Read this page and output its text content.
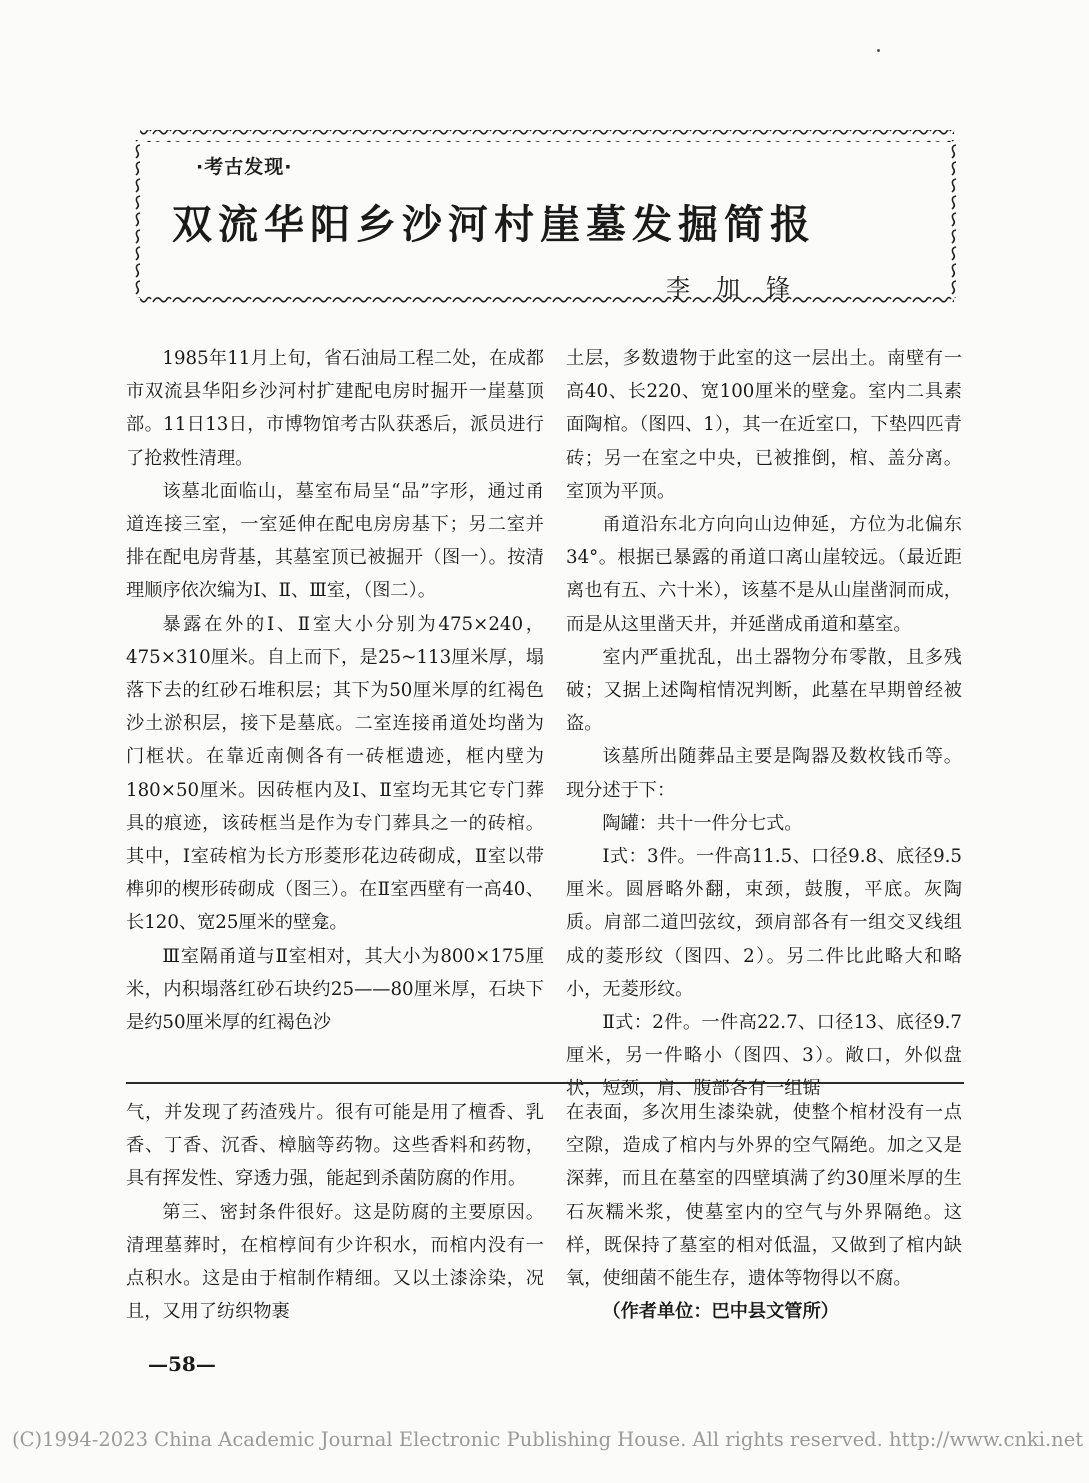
·考古发现·
双流华阳乡沙河村崖墓发掘简报
李加锋

1985年11月上旬，省石油局工程二处，在成都市双流县华阳乡沙河村扩建配电房时掘开一崖墓顶部。11日13日，市博物馆考古队获悉后，派员进行了抢救性清理。

该墓北面临山，墓室布局呈“品”字形，通过甬道连接三室，一室延伸在配电房房基下；另二室并排在配电房背基，其墓室顶已被掘开（图一）。按清理顺序依次编为Ⅰ、Ⅱ、Ⅲ室，（图二）。

暴露在外的Ⅰ、Ⅱ室大小分别为475×240，475×310厘米。自上而下，是25~113厘米厚，塌落下去的红砂石堆积层；其下为50厘米厚的红褐色沙土淤积层，接下是墓底。二室连接甬道处均凿为门框状。在靠近南侧各有一砖框遗迹，框内壁为180×50厘米。因砖框内及Ⅰ、Ⅱ室均无其它专门葬具的痕迹，该砖框当是作为专门葬具之一的砖棺。其中，Ⅰ室砖棺为长方形菱形花边砖砌成，Ⅱ室以带榫卯的楔形砖砌成（图三）。在Ⅱ室西壁有一高40、长120、宽25厘米的壁龛。

Ⅲ室隔甬道与Ⅱ室相对，其大小为800×175厘米，内积塌落红砂石块约25——80厘米厚，石块下是约50厘米厚的红褐色沙

土层，多数遗物于此室的这一层出土。南壁有一高40、长220、宽100厘米的壁龛。室内二具素面陶棺。（图四、1），其一在近室口，下垫四匹青砖；另一在室之中央，已被推倒，棺、盖分离。室顶为平顶。

甬道沿东北方向向山边伸延，方位为北偏东34°。根据已暴露的甬道口离山崖较远。（最近距离也有五、六十米），该墓不是从山崖凿洞而成，而是从这里凿天井，并延凿成甬道和墓室。

室内严重扰乱，出土器物分布零散，且多残破；又据上述陶棺情况判断，此墓在早期曾经被盗。

该墓所出随葬品主要是陶器及数枚钱币等。现分述于下：

陶罐：共十一件分七式。

Ⅰ式：3件。一件高11.5、口径9.8、底径9.5厘米。圆唇略外翻，束颈，鼓腹，平底。灰陶质。肩部二道凹弦纹，颈肩部各有一组交叉线组成的菱形纹（图四、2）。另二件比此略大和略小，无菱形纹。

Ⅱ式：2件。一件高22.7、口径13、底径9.7厘米，另一件略小（图四、3）。敞口，外似盘状，短颈，肩、腹部各有一组锯

气，并发现了药渣残片。很有可能是用了檀香、乳香、丁香、沉香、樟脑等药物。这些香料和药物，具有挥发性、穿透力强，能起到杀菌防腐的作用。

第三、密封条件很好。这是防腐的主要原因。清理墓葬时，在棺椁间有少许积水，而棺内没有一点积水。这是由于棺制作精细。又以土漆涂染，况且，又用了纺织物裹

在表面，多次用生漆染就，使整个棺材没有一点空隙，造成了棺内与外界的空气隔绝。加之又是深葬，而且在墓室的四壁填满了约30厘米厚的生石灰糯米浆，使墓室内的空气与外界隔绝。这样，既保持了墓室的相对低温，又做到了棺内缺氧，使细菌不能生存，遗体等物得以不腐。

（作者单位：巴中县文管所）

—58—
(C)1994-2023 China Academic Journal Electronic Publishing House. All rights reserved. http://www.cnki.net
